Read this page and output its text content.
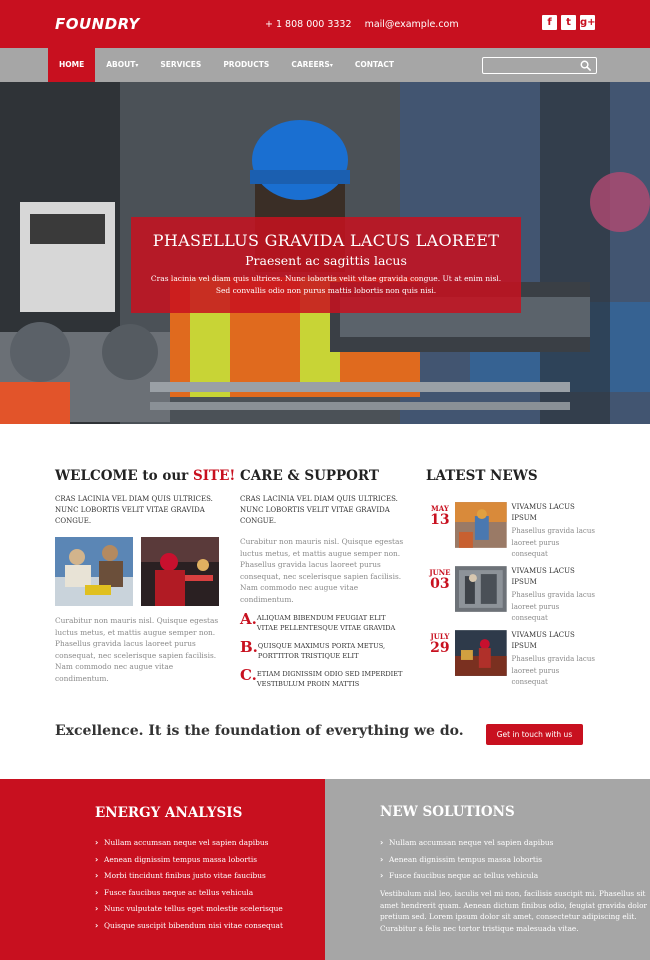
FOUNDRY	+ 1 808 000 3332 mail@example.com	f	t g+
HOME	ABOUT▾	SERVICES	PRODUCTS	CAREERS▾	CONTACT
PHASELLUS GRAVIDA LACUS LAOREET
Praesent ac sagittis lacus
Cras lacinia vel diam quis ultrices. Nunc lobortis velit vitae gravida congue. Ut at enim nisl. Sed convallis odio non purus mattis lobortis non quis nisi.
WELCOME to our SITE!
CRAS LACINIA VEL DIAM QUIS ULTRICES. NUNC LOBORTIS VELIT VITAE GRAVIDA CONGUE.
Curabitur non mauris nisl. Quisque egestas luctus metus, et mattis augue semper non. Phasellus gravida lacus laoreet purus consequat, nec scelerisque sapien facilisis. Nam commodo nec augue vitae condimentum.
CARE & SUPPORT
CRAS LACINIA VEL DIAM QUIS ULTRICES. NUNC LOBORTIS VELIT VITAE GRAVIDA CONGUE.
Curabitur non mauris nisl. Quisque egestas luctus metus, et mattis augue semper non. Phasellus gravida lacus laoreet purus consequat, nec scelerisque sapien facilisis. Nam commodo nec augue vitae condimentum.
A. ALIQUAM BIBENDUM FEUGIAT ELIT VITAE PELLENTESQUE VITAE GRAVIDA
B. QUISQUE MAXIMUS PORTA METUS, PORTTITOR TRISTIQUE ELIT
C. ETIAM DIGNISSIM ODIO SED IMPERDIET VESTIBULUM PROIN MATTIS
LATEST NEWS
MAY
13
VIVAMUS LACUS IPSUM
Phasellus gravida lacus laoreet purus consequat
JUNE
03
VIVAMUS LACUS IPSUM
Phasellus gravida lacus laoreet purus consequat
JULY
29
VIVAMUS LACUS IPSUM
Phasellus gravida lacus laoreet purus consequat
Excellence. It is the foundation of everything we do.	Get in touch with us
ENERGY ANALYSIS
› Nullam accumsan neque vel sapien dapibus
› Aenean dignissim tempus massa lobortis
› Morbi tincidunt finibus justo vitae faucibus
› Fusce faucibus neque ac tellus vehicula
› Nunc vulputate tellus eget molestie scelerisque
› Quisque suscipit bibendum nisi vitae consequat
NEW SOLUTIONS
› Nullam accumsan neque vel sapien dapibus
› Aenean dignissim tempus massa lobortis
› Fusce faucibus neque ac tellus vehicula
Vestibulum nisl leo, iaculis vel mi non, facilisis suscipit mi. Phasellus sit amet hendrerit quam. Aenean dictum finibus odio, feugiat gravida dolor pretium sed. Lorem ipsum dolor sit amet, consectetur adipiscing elit. Curabitur a felis nec tortor tristique malesuada vitae.
